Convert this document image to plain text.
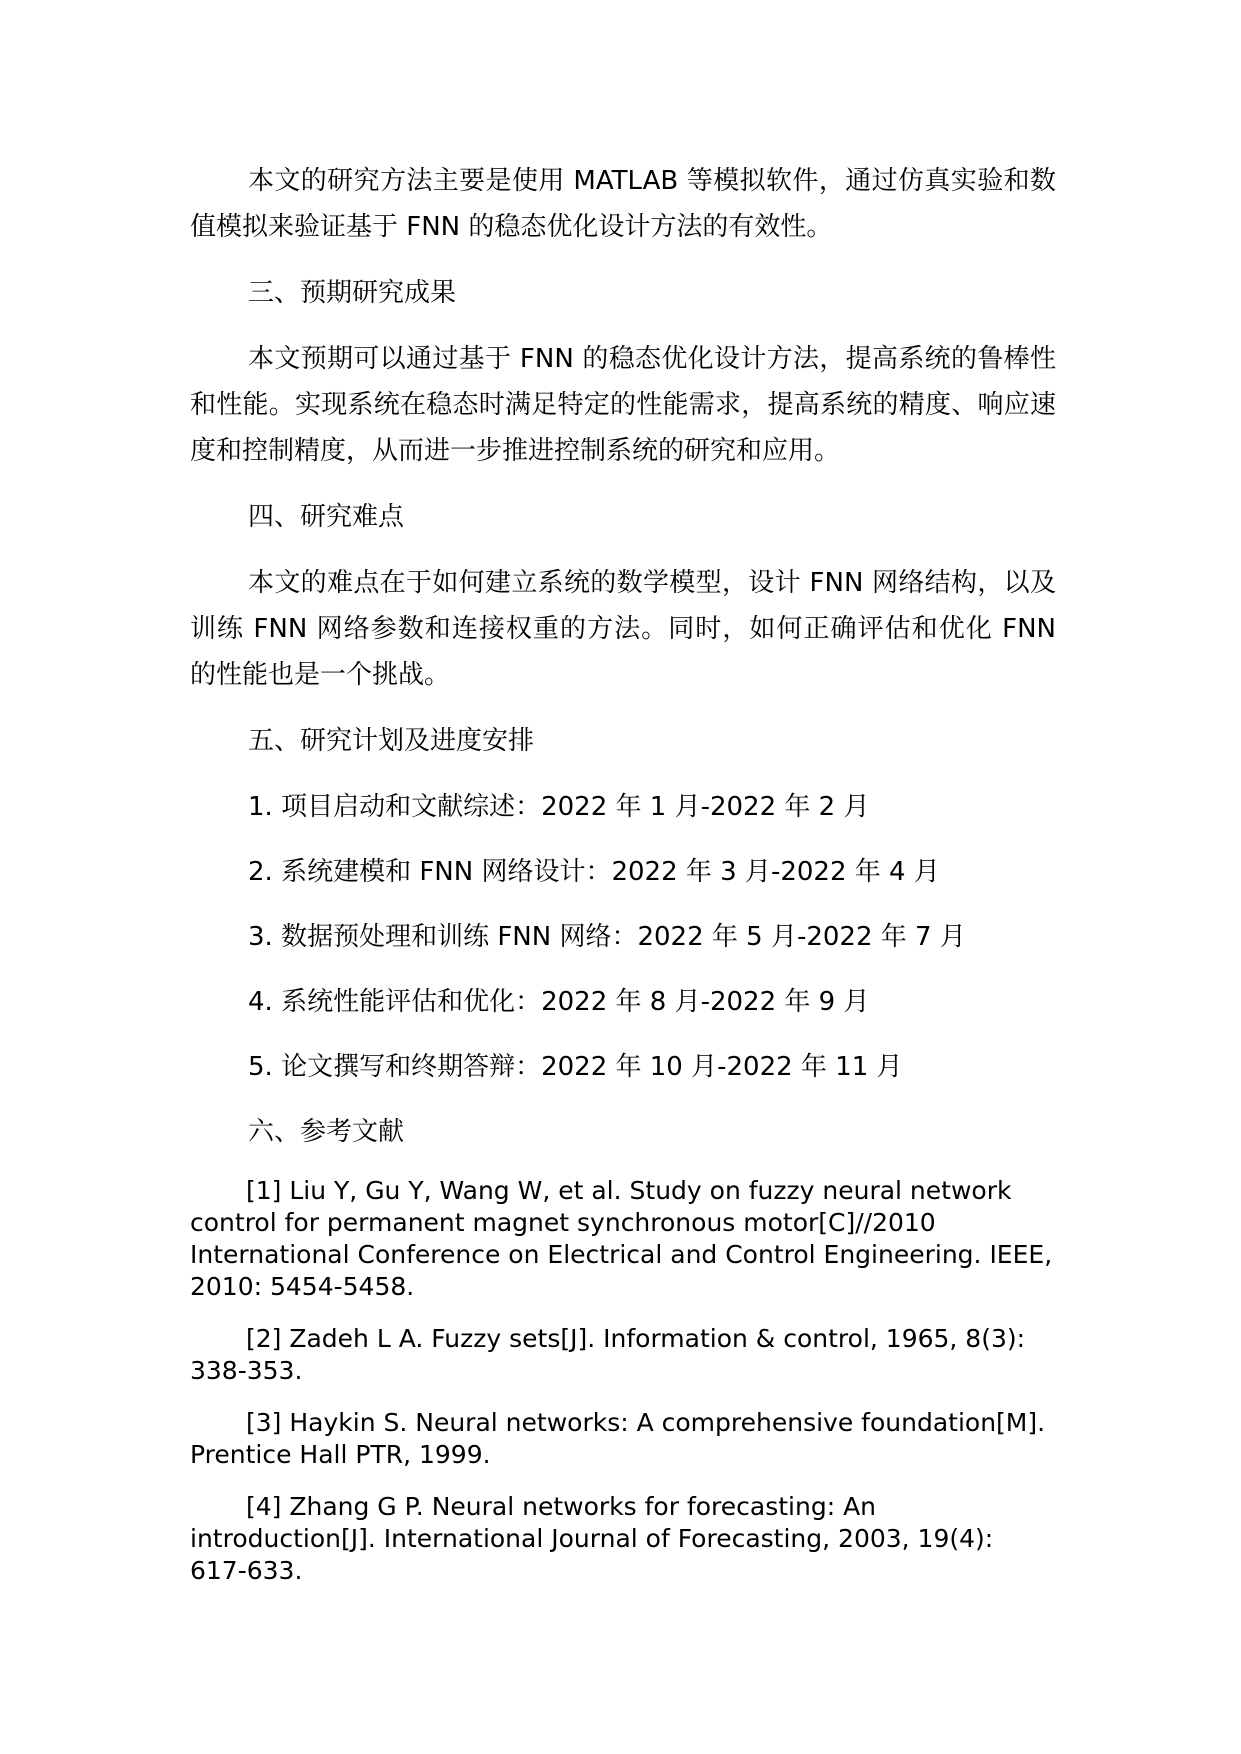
本文的研究方法主要是使用 MATLAB 等模拟软件，通过仿真实验和数值模拟来验证基于 FNN 的稳态优化设计方法的有效性。

三、预期研究成果

本文预期可以通过基于 FNN 的稳态优化设计方法，提高系统的鲁棒性和性能。实现系统在稳态时满足特定的性能需求，提高系统的精度、响应速度和控制精度，从而进一步推进控制系统的研究和应用。

四、研究难点

本文的难点在于如何建立系统的数学模型，设计 FNN 网络结构，以及训练 FNN 网络参数和连接权重的方法。同时，如何正确评估和优化 FNN 的性能也是一个挑战。

五、研究计划及进度安排

1. 项目启动和文献综述：2022 年 1 月-2022 年 2 月

2. 系统建模和 FNN 网络设计：2022 年 3 月-2022 年 4 月

3. 数据预处理和训练 FNN 网络：2022 年 5 月-2022 年 7 月

4. 系统性能评估和优化：2022 年 8 月-2022 年 9 月

5. 论文撰写和终期答辩：2022 年 10 月-2022 年 11 月

六、参考文献

[1] Liu Y, Gu Y, Wang W, et al. Study on fuzzy neural network control for permanent magnet synchronous motor[C]//2010 International Conference on Electrical and Control Engineering. IEEE, 2010: 5454-5458.

[2] Zadeh L A. Fuzzy sets[J]. Information & control, 1965, 8(3): 338-353.

[3] Haykin S. Neural networks: A comprehensive foundation[M]. Prentice Hall PTR, 1999.

[4] Zhang G P. Neural networks for forecasting: An introduction[J]. International Journal of Forecasting, 2003, 19(4): 617-633.
